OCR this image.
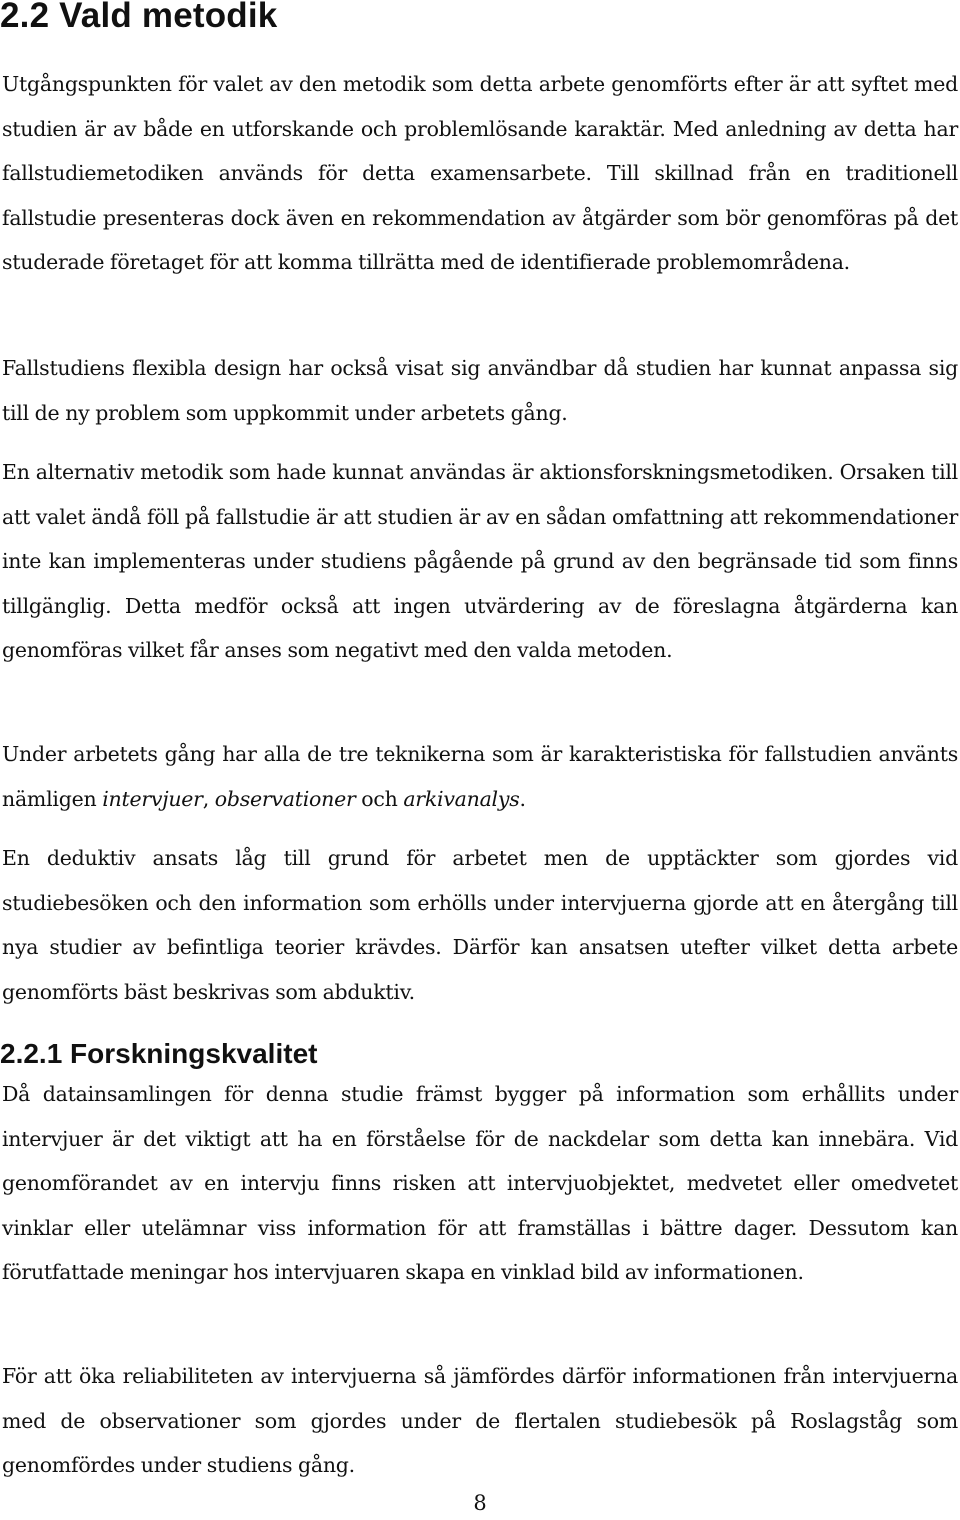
2.2 Vald metodik

Utgångspunkten för valet av den metodik som detta arbete genomförts efter är att syftet med studien är av både en utforskande och problemlösande karaktär. Med anledning av detta har fallstudiemetodiken används för detta examensarbete. Till skillnad från en traditionell fallstudie presenteras dock även en rekommendation av åtgärder som bör genomföras på det studerade företaget för att komma tillrätta med de identifierade problemområdena.

Fallstudiens flexibla design har också visat sig användbar då studien har kunnat anpassa sig till de ny problem som uppkommit under arbetets gång.

En alternativ metodik som hade kunnat användas är aktionsforskningsmetodiken. Orsaken till att valet ändå föll på fallstudie är att studien är av en sådan omfattning att rekommendationer inte kan implementeras under studiens pågående på grund av den begränsade tid som finns tillgänglig. Detta medför också att ingen utvärdering av de föreslagna åtgärderna kan genomföras vilket får anses som negativt med den valda metoden.

Under arbetets gång har alla de tre teknikerna som är karakteristiska för fallstudien använts nämligen intervjuer, observationer och arkivanalys.

En deduktiv ansats låg till grund för arbetet men de upptäckter som gjordes vid studiebesöken och den information som erhölls under intervjuerna gjorde att en återgång till nya studier av befintliga teorier krävdes. Därför kan ansatsen utefter vilket detta arbete genomförts bäst beskrivas som abduktiv.

2.2.1 Forskningskvalitet

Då datainsamlingen för denna studie främst bygger på information som erhållits under intervjuer är det viktigt att ha en förståelse för de nackdelar som detta kan innebära. Vid genomförandet av en intervju finns risken att intervjuobjektet, medvetet eller omedvetet vinklar eller utelämnar viss information för att framställas i bättre dager. Dessutom kan förutfattade meningar hos intervjuaren skapa en vinklad bild av informationen.

För att öka reliabiliteten av intervjuerna så jämfördes därför informationen från intervjuerna med de observationer som gjordes under de flertalen studiebesök på Roslagståg som genomfördes under studiens gång.

8
